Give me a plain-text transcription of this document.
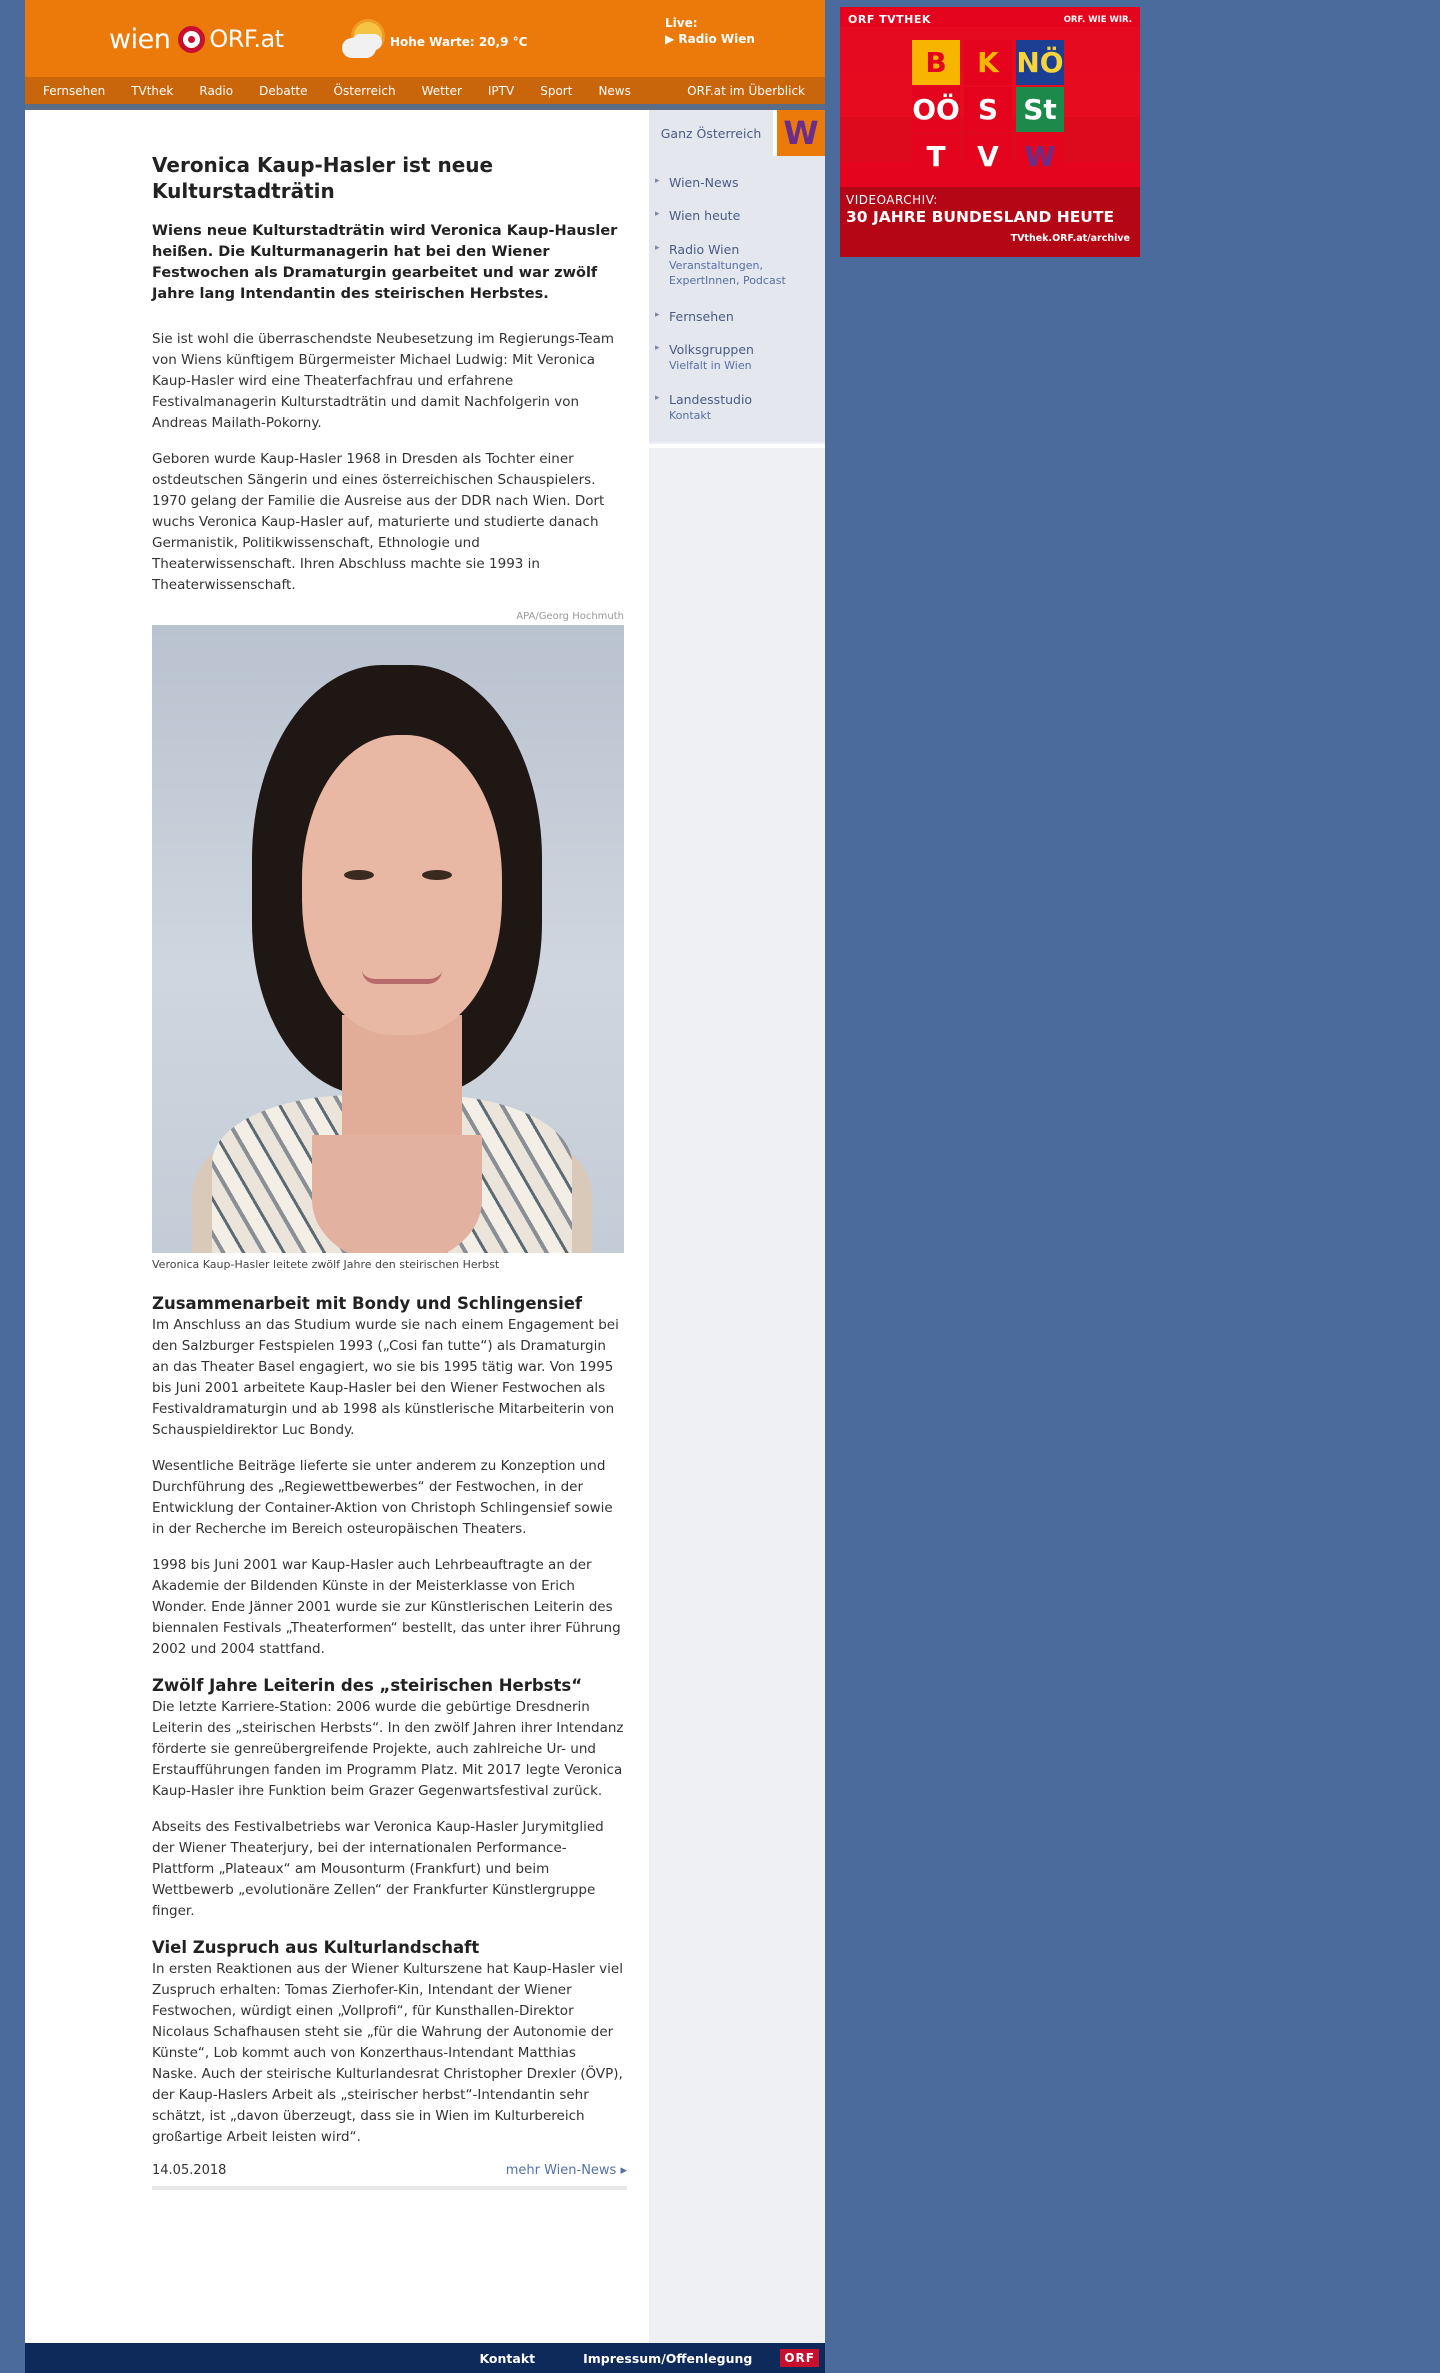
wien ORF.at	Hohe Warte: 20,9 °C
Live:
▶ Radio Wien
Fernsehen TVthek Radio Debatte Österreich Wetter IPTV Sport News	ORF.at im Überblick
Veronica Kaup-Hasler ist neue Kulturstadträtin

Wiens neue Kulturstadträtin wird Veronica Kaup-Hausler heißen. Die Kulturmanagerin hat bei den Wiener Festwochen als Dramaturgin gearbeitet und war zwölf Jahre lang Intendantin des steirischen Herbstes.

Sie ist wohl die überraschendste Neubesetzung im Regierungs-Team von Wiens künftigem Bürgermeister Michael Ludwig: Mit Veronica Kaup-Hasler wird eine Theaterfachfrau und erfahrene Festivalmanagerin Kulturstadträtin und damit Nachfolgerin von Andreas Mailath-Pokorny.

Geboren wurde Kaup-Hasler 1968 in Dresden als Tochter einer ostdeutschen Sängerin und eines österreichischen Schauspielers. 1970 gelang der Familie die Ausreise aus der DDR nach Wien. Dort wuchs Veronica Kaup-Hasler auf, maturierte und studierte danach Germanistik, Politikwissenschaft, Ethnologie und Theaterwissenschaft. Ihren Abschluss machte sie 1993 in Theaterwissenschaft.

APA/Georg Hochmuth
Veronica Kaup-Hasler leitete zwölf Jahre den steirischen Herbst
Zusammenarbeit mit Bondy und Schlingensief

Im Anschluss an das Studium wurde sie nach einem Engagement bei den Salzburger Festspielen 1993 („Cosi fan tutte“) als Dramaturgin an das Theater Basel engagiert, wo sie bis 1995 tätig war. Von 1995 bis Juni 2001 arbeitete Kaup-Hasler bei den Wiener Festwochen als Festivaldramaturgin und ab 1998 als künstlerische Mitarbeiterin von Schauspieldirektor Luc Bondy.

Wesentliche Beiträge lieferte sie unter anderem zu Konzeption und Durchführung des „Regiewettbewerbes“ der Festwochen, in der Entwicklung der Container-Aktion von Christoph Schlingensief sowie in der Recherche im Bereich osteuropäischen Theaters.

1998 bis Juni 2001 war Kaup-Hasler auch Lehrbeauftragte an der Akademie der Bildenden Künste in der Meisterklasse von Erich Wonder. Ende Jänner 2001 wurde sie zur Künstlerischen Leiterin des biennalen Festivals „Theaterformen“ bestellt, das unter ihrer Führung 2002 und 2004 stattfand.

Zwölf Jahre Leiterin des „steirischen Herbsts“

Die letzte Karriere-Station: 2006 wurde die gebürtige Dresdnerin Leiterin des „steirischen Herbsts“. In den zwölf Jahren ihrer Intendanz förderte sie genreübergreifende Projekte, auch zahlreiche Ur- und Erstaufführungen fanden im Programm Platz. Mit 2017 legte Veronica Kaup-Hasler ihre Funktion beim Grazer Gegenwartsfestival zurück.

Abseits des Festivalbetriebs war Veronica Kaup-Hasler Jurymitglied der Wiener Theaterjury, bei der internationalen Performance-Plattform „Plateaux“ am Mousonturm (Frankfurt) und beim Wettbewerb „evolutionäre Zellen“ der Frankfurter Künstlergruppe finger.

Viel Zuspruch aus Kulturlandschaft

In ersten Reaktionen aus der Wiener Kulturszene hat Kaup-Hasler viel Zuspruch erhalten: Tomas Zierhofer-Kin, Intendant der Wiener Festwochen, würdigt einen „Vollprofi“, für Kunsthallen-Direktor Nicolaus Schafhausen steht sie „für die Wahrung der Autonomie der Künste“, Lob kommt auch von Konzerthaus-Intendant Matthias Naske. Auch der steirische Kulturlandesrat Christopher Drexler (ÖVP), der Kaup-Haslers Arbeit als „steirischer herbst“-Intendantin sehr schätzt, ist „davon überzeugt, dass sie in Wien im Kulturbereich großartige Arbeit leisten wird“.

14.05.2018	mehr Wien-News ▸
Ganz Österreich W
▸ Wien-News
▸ Wien heute
▸ Radio Wien
Veranstaltungen, ExpertInnen, Podcast
▸ Fernsehen
▸ Volksgruppen
Vielfalt in Wien
▸ Landesstudio
Kontakt
Kontakt	Impressum/Offenlegung	ORF
ORF TVTHEK	ORF. WIE WIR.
B	K NÖ
OÖ S St
T	V W
VIDEOARCHIV:
30 JAHRE BUNDESLAND HEUTE
TVthek.ORF.at/archive
